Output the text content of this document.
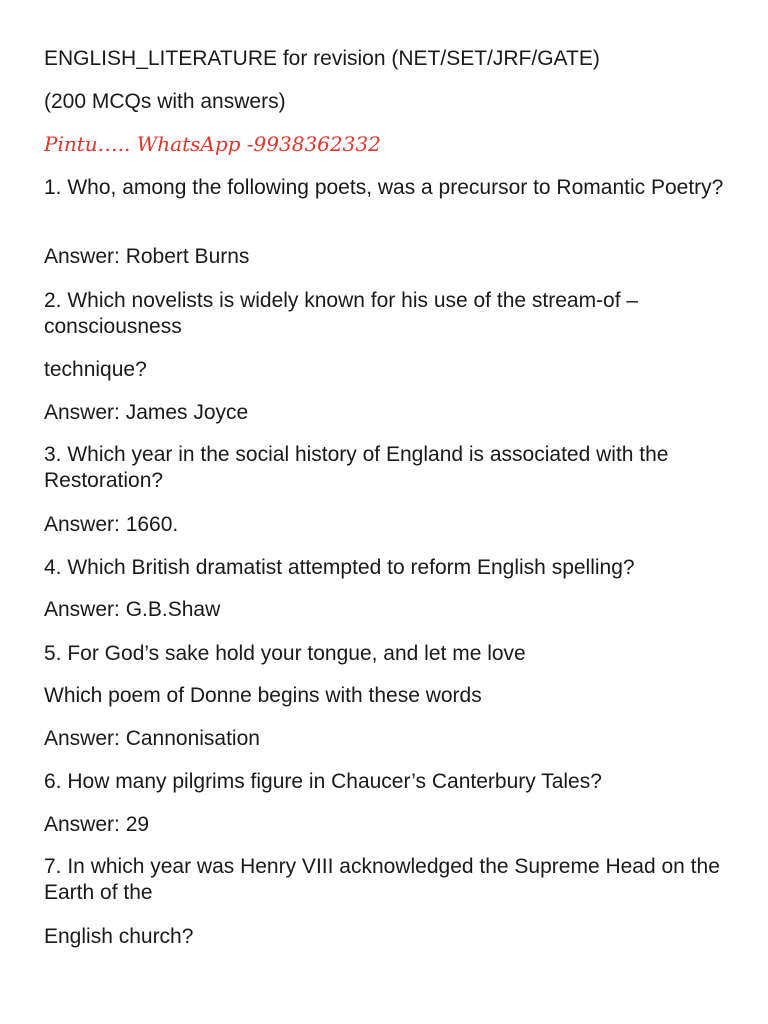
ENGLISH_LITERATURE for revision (NET/SET/JRF/GATE)

(200 MCQs with answers)

Pintu….. WhatsApp -9938362332

1. Who, among the following poets, was a precursor to Romantic Poetry?

Answer: Robert Burns

2. Which novelists is widely known for his use of the stream-of – consciousness

technique?

Answer: James Joyce

3. Which year in the social history of England is associated with the Restoration?

Answer: 1660.

4. Which British dramatist attempted to reform English spelling?

Answer: G.B.Shaw

5. For God’s sake hold your tongue, and let me love

Which poem of Donne begins with these words

Answer: Cannonisation

6. How many pilgrims figure in Chaucer’s Canterbury Tales?

Answer: 29

7. In which year was Henry VIII acknowledged the Supreme Head on the Earth of the

English church?
